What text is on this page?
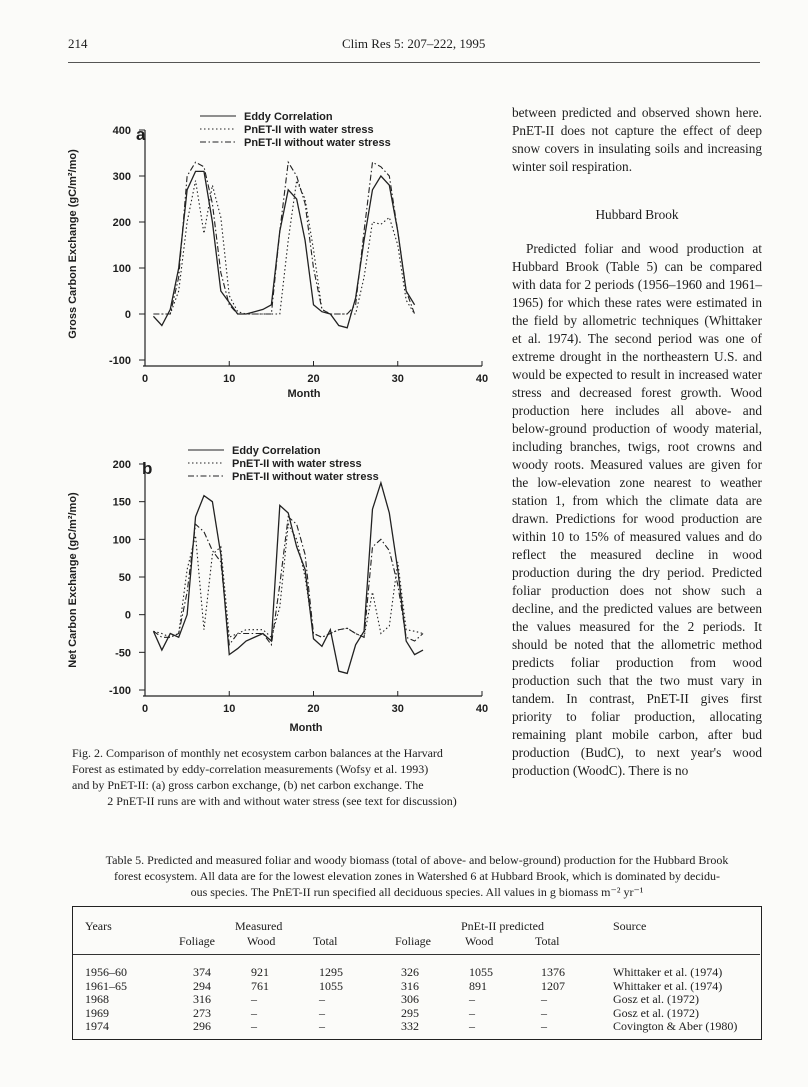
214	Clim Res 5: 207–222, 1995
-100
0
100
200
300
400
0	10	20	30	40
Eddy Correlation
PnET-II with water stress
PnET-II without water stress
a
Month
Gross Carbon Exchange (gC/m²/mo)
-100
-50
0
50
100
150
200
0	10	20	30	40
Eddy Correlation
PnET-II with water stress
PnET-II without water stress
b
Month
Net Carbon Exchange (gC/m²/mo)
Fig. 2. Comparison of monthly net ecosystem carbon balances at the Harvard
Forest as estimated by eddy-correlation measurements (Wofsy et al. 1993)
and by PnET-II: (a) gross carbon exchange, (b) net carbon exchange. The
2 PnET-II runs are with and without water stress (see text for discussion)

between predicted and observed shown here. PnET-II does not capture the effect of deep snow covers in insulating soils and increasing winter soil respiration.

Hubbard Brook

Predicted foliar and wood production at Hubbard Brook (Table 5) can be compared with data for 2 periods (1956–1960 and 1961–1965) for which these rates were estimated in the field by allometric techniques (Whittaker et al. 1974). The second period was one of extreme drought in the northeastern U.S. and would be expected to result in increased water stress and decreased forest growth. Wood production here includes all above- and below-ground production of woody material, including branches, twigs, root crowns and woody roots. Measured values are given for the low-elevation zone nearest to weather station 1, from which the climate data are drawn. Predictions for wood production are within 10 to 15% of measured values and do reflect the measured decline in wood production during the dry period. Predicted foliar production does not show such a decline, and the predicted values are between the values measured for the 2 periods. It should be noted that the allometric method predicts foliar production from wood production such that the two must vary in tandem. In contrast, PnET-II gives first priority to foliar production, allocating remaining plant mobile carbon, after bud production (BudC), to next year's wood production (WoodC). There is no

Table 5. Predicted and measured foliar and woody biomass (total of above- and below-ground) production for the Hubbard Brook
forest ecosystem. All data are for the lowest elevation zones in Watershed 6 at Hubbard Brook, which is dominated by decidu-
ous species. The PnET-II run specified all deciduous species. All values in g biomass m⁻² yr⁻¹
Years	Measured	PnEt-II predicted	Source
Foliage	Wood	Total	Foliage	Wood	Total
1956–60	374	921	1295	326	1055	1376	Whittaker et al. (1974)
1961–65	294	761	1055	316	891	1207	Whittaker et al. (1974)
1968	316	–	–	306	–	–	Gosz et al. (1972)
1969	273	–	–	295	–	–	Gosz et al. (1972)
1974	296	–	–	332	–	–	Covington & Aber (1980)
